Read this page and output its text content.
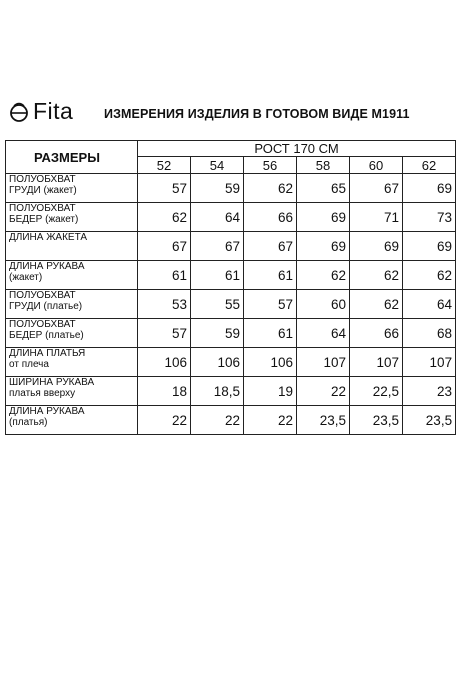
Fita ИЗМЕРЕНИЯ ИЗДЕЛИЯ В ГОТОВОМ ВИДЕ M1911
РАЗМЕРЫ	РОСТ 170 СМ					
	52	54	56	58	60	62

ПОЛУОБХВАТ
ГРУДИ (жакет)	57	59	62	65	67	69

ПОЛУОБХВАТ
БЕДЕР (жакет)	62	64	66	69	71	73

ДЛИНА ЖАКЕТА	67	67	67	69	69	69

ДЛИНА РУКАВА
(жакет)	61	61	61	62	62	62

ПОЛУОБХВАТ
ГРУДИ (платье)	53	55	57	60	62	64

ПОЛУОБХВАТ
БЕДЕР (платье)	57	59	61	64	66	68

ДЛИНА ПЛАТЬЯ
от плеча	106	106	106	107	107	107

ШИРИНА РУКАВА
платья вверху	18	18,5	19	22	22,5	23

ДЛИНА РУКАВА
(платья)	22	22	22	23,5	23,5	23,5
